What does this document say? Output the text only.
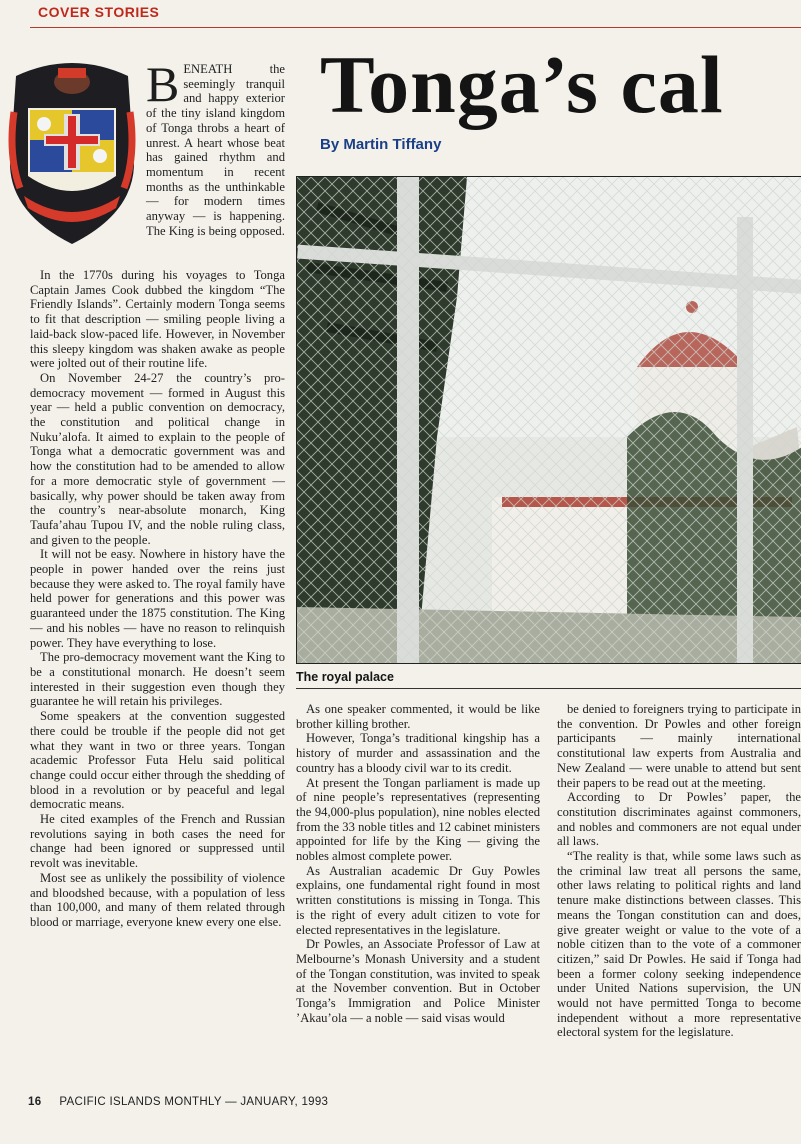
COVER STORIES
Tonga’s cal
By Martin Tiffany

BENEATH the seemingly tranquil and happy exterior of the tiny island kingdom of Tonga throbs a heart of unrest. A heart whose beat has gained rhythm and momentum in recent months as the unthinkable — for modern times anyway — is happening. The King is being opposed.

In the 1770s during his voyages to Tonga Captain James Cook dubbed the kingdom “The Friendly Islands”. Certainly modern Tonga seems to fit that description — smiling people living a laid-back slow-paced life. However, in November this sleepy kingdom was shaken awake as people were jolted out of their routine life.

On November 24-27 the country’s pro-democracy movement — formed in August this year — held a public convention on democracy, the constitution and political change in Nuku’alofa. It aimed to explain to the people of Tonga what a democratic government was and how the constitution had to be amended to allow for a more democratic style of government — basically, why power should be taken away from the country’s near-absolute monarch, King Taufa’ahau Tupou IV, and the noble ruling class, and given to the people.

It will not be easy. Nowhere in history have the people in power handed over the reins just because they were asked to. The royal family have held power for generations and this power was guaranteed under the 1875 constitution. The King — and his nobles — have no reason to relinquish power. They have everything to lose.

The pro-democracy movement want the King to be a constitutional monarch. He doesn’t seem interested in their suggestion even though they guarantee he will retain his privileges.

Some speakers at the convention suggested there could be trouble if the people did not get what they want in two or three years. Tongan academic Professor Futa Helu said political change could occur either through the shedding of blood in a revolution or by peaceful and legal democratic means.

He cited examples of the French and Russian revolutions saying in both cases the need for change had been ignored or suppressed until revolt was inevitable.

Most see as unlikely the possibility of violence and bloodshed because, with a population of less than 100,000, and many of them related through blood or marriage, everyone knew every one else.

The royal palace

As one speaker commented, it would be like brother killing brother.

However, Tonga’s traditional kingship has a history of murder and assassination and the country has a bloody civil war to its credit.

At present the Tongan parliament is made up of nine people’s representatives (representing the 94,000-plus population), nine nobles elected from the 33 noble titles and 12 cabinet ministers appointed for life by the King — giving the nobles almost complete power.

As Australian academic Dr Guy Powles explains, one fundamental right found in most written constitutions is missing in Tonga. This is the right of every adult citizen to vote for elected representatives in the legislature.

Dr Powles, an Associate Professor of Law at Melbourne’s Monash University and a student of the Tongan constitution, was invited to speak at the November convention. But in October Tonga’s Immigration and Police Minister ’Akau’ola — a noble — said visas would

be denied to foreigners trying to participate in the convention. Dr Powles and other foreign participants — mainly international constitutional law experts from Australia and New Zealand — were unable to attend but sent their papers to be read out at the meeting.

According to Dr Powles’ paper, the constitution discriminates against commoners, and nobles and commoners are not equal under all laws.

“The reality is that, while some laws such as the criminal law treat all persons the same, other laws relating to political rights and land tenure make distinctions between classes. This means the Tongan constitution can and does, give greater weight or value to the vote of a noble citizen than to the vote of a commoner citizen,” said Dr Powles. He said if Tonga had been a former colony seeking independence under United Nations supervision, the UN would not have permitted Tonga to become independent without a more representative electoral system for the legislature.

16 PACIFIC ISLANDS MONTHLY — JANUARY, 1993
